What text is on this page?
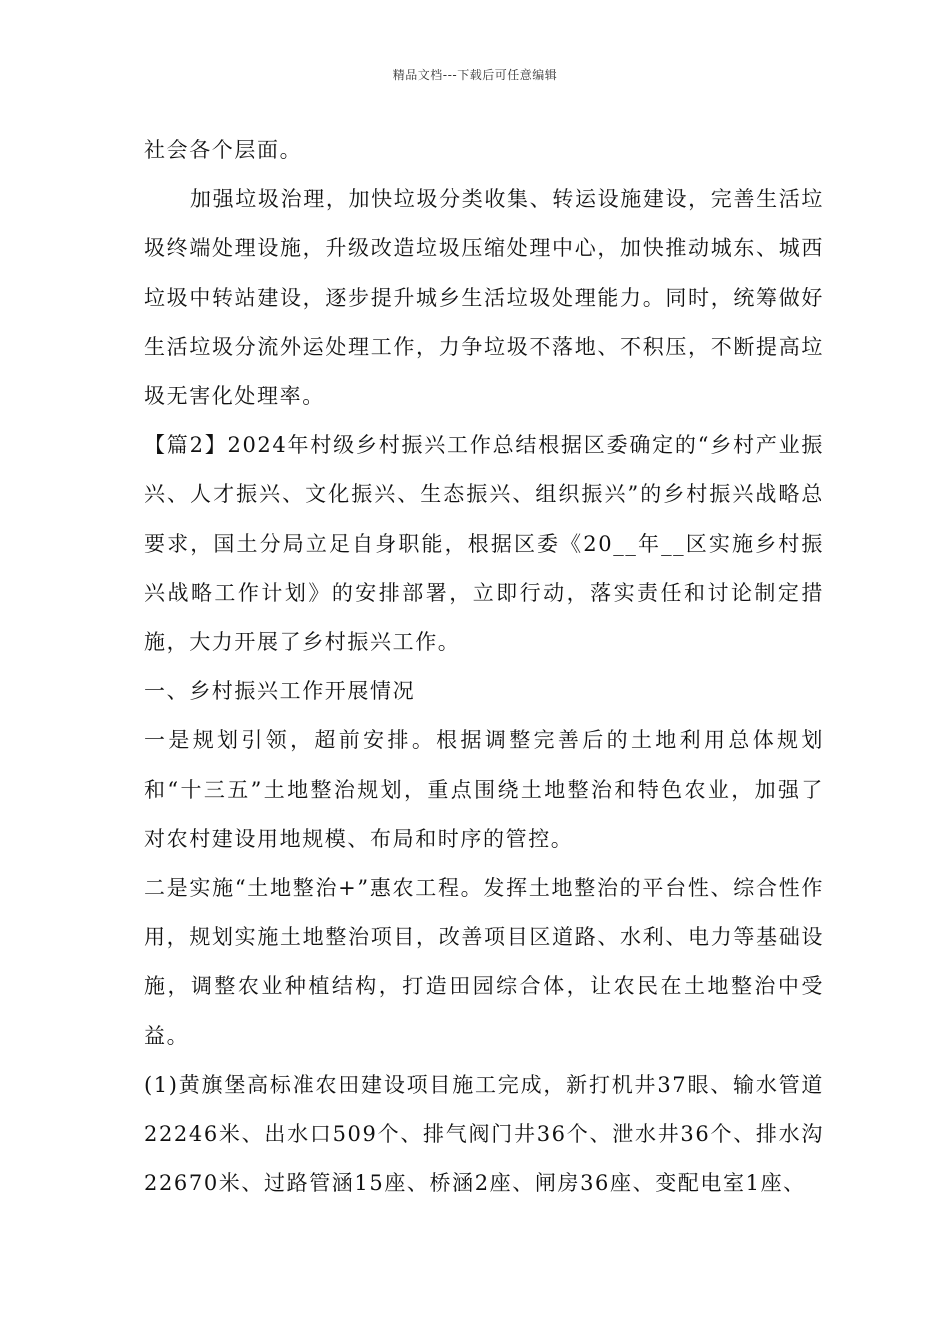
精品文档---下载后可任意编辑

社会各个层面。

加强垃圾治理，加快垃圾分类收集、转运设施建设，完善生活垃圾终端处理设施，升级改造垃圾压缩处理中心，加快推动城东、城西垃圾中转站建设，逐步提升城乡生活垃圾处理能力。同时，统筹做好生活垃圾分流外运处理工作，力争垃圾不落地、不积压，不断提高垃圾无害化处理率。

【篇2】2024年村级乡村振兴工作总结根据区委确定的“乡村产业振兴、人才振兴、文化振兴、生态振兴、组织振兴”的乡村振兴战略总要求，国土分局立足自身职能，根据区委《20__年__区实施乡村振兴战略工作计划》的安排部署，立即行动，落实责任和讨论制定措施，大力开展了乡村振兴工作。

一、乡村振兴工作开展情况

一是规划引领，超前安排。根据调整完善后的土地利用总体规划和“十三五”土地整治规划，重点围绕土地整治和特色农业，加强了对农村建设用地规模、布局和时序的管控。

二是实施“土地整治+”惠农工程。发挥土地整治的平台性、综合性作用，规划实施土地整治项目，改善项目区道路、水利、电力等基础设施，调整农业种植结构，打造田园综合体，让农民在土地整治中受益。

(1)黄旗堡高标准农田建设项目施工完成，新打机井37眼、输水管道22246米、出水口509个、排气阀门井36个、泄水井36个、排水沟22670米、过路管涵15座、桥涵2座、闸房36座、变配电室1座、
